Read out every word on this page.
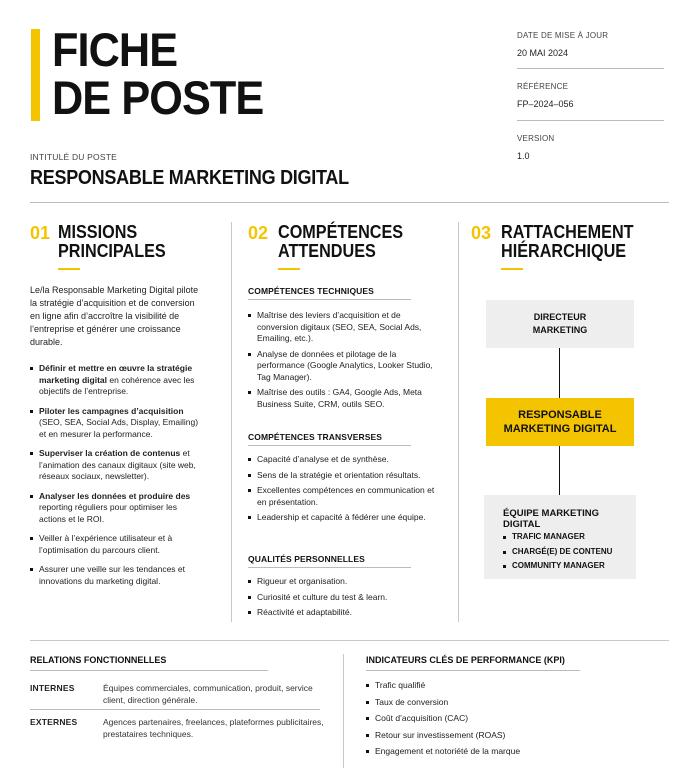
FICHE
DE POSTE
DATE DE MISE À JOUR
20 MAI 2024
RÉFÉRENCE
FP–2024–056
VERSION
1.0
INTITULÉ DU POSTE
RESPONSABLE MARKETING DIGITAL
01 MISSIONS
PRINCIPALES
Le/la Responsable Marketing Digital pilote la stratégie d’acquisition et de conversion en ligne afin d’accroître la visibilité de l’entreprise et générer une croissance durable.
Définir et mettre en œuvre la stratégie marketing digital en cohérence avec les objectifs de l’entreprise.
Piloter les campagnes d’acquisition (SEO, SEA, Social Ads, Display, Emailing) et en mesurer la performance.
Superviser la création de contenus et l’animation des canaux digitaux (site web, réseaux sociaux, newsletter).
Analyser les données et produire des reporting réguliers pour optimiser les actions et le ROI.
Veiller à l’expérience utilisateur et à l’optimisation du parcours client.
Assurer une veille sur les tendances et innovations du marketing digital.
02 COMPÉTENCES
ATTENDUES
COMPÉTENCES TECHNIQUES
Maîtrise des leviers d’acquisition et de conversion digitaux (SEO, SEA, Social Ads, Emailing, etc.).
Analyse de données et pilotage de la performance (Google Analytics, Looker Studio, Tag Manager).
Maîtrise des outils : GA4, Google Ads, Meta Business Suite, CRM, outils SEO.
COMPÉTENCES TRANSVERSES
Capacité d’analyse et de synthèse.
Sens de la stratégie et orientation résultats.
Excellentes compétences en communication et en présentation.
Leadership et capacité à fédérer une équipe.
QUALITÉS PERSONNELLES
Rigueur et organisation.
Curiosité et culture du test & learn.
Réactivité et adaptabilité.
03 RATTACHEMENT
HIÉRARCHIQUE
DIRECTEUR
MARKETING
RESPONSABLE
MARKETING DIGITAL
ÉQUIPE MARKETING DIGITAL
TRAFIC MANAGER
CHARGÉ(E) DE CONTENU
COMMUNITY MANAGER
RELATIONS FONCTIONNELLES
INTERNES	Équipes commerciales, communication, produit, service client, direction générale.
EXTERNES	Agences partenaires, freelances, plateformes publicitaires, prestataires techniques.
INDICATEURS CLÉS DE PERFORMANCE (KPI)
Trafic qualifié
Taux de conversion
Coût d’acquisition (CAC)
Retour sur investissement (ROAS)
Engagement et notoriété de la marque
